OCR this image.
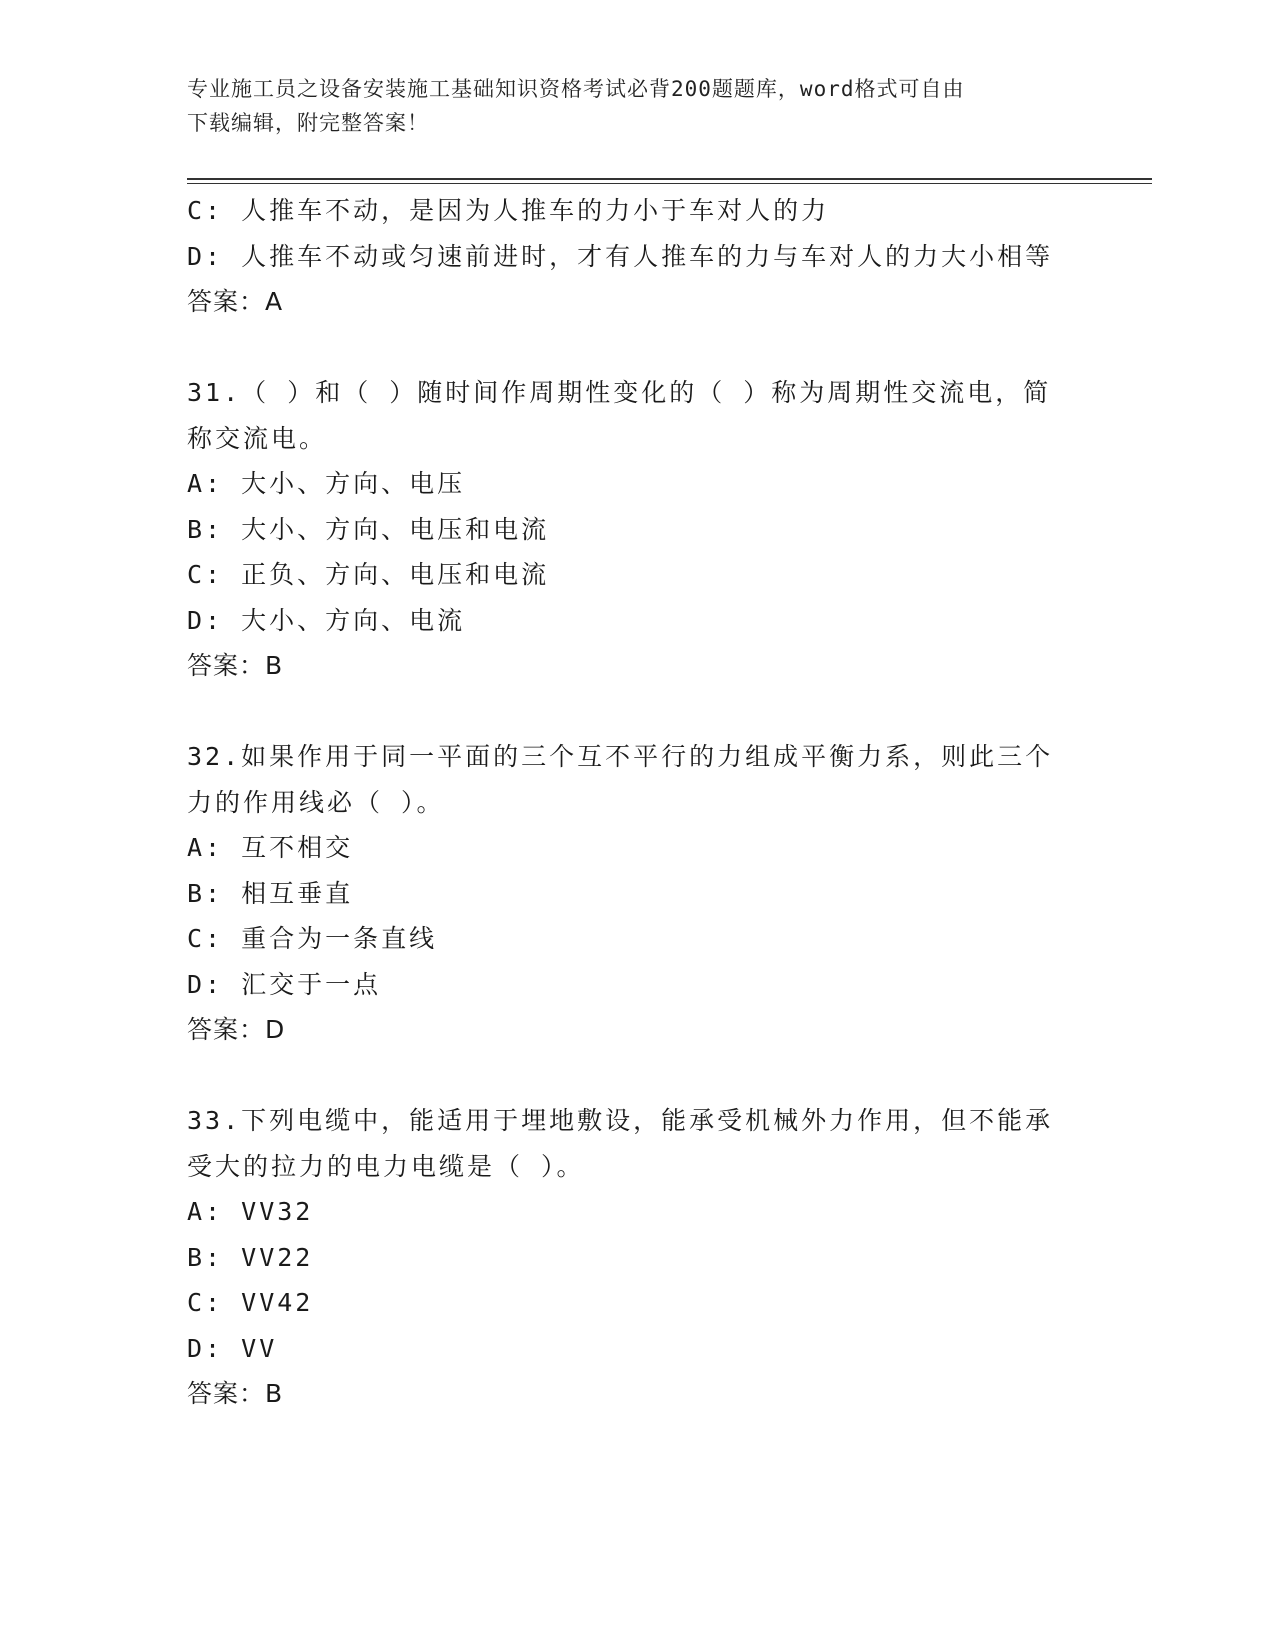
专业施工员之设备安装施工基础知识资格考试必背200题题库，word格式可自由
下载编辑，附完整答案！
C: 人推车不动，是因为人推车的力小于车对人的力
D: 人推车不动或匀速前进时，才有人推车的力与车对人的力大小相等
答案：A
31.（ ）和（ ）随时间作周期性变化的（ ）称为周期性交流电，简
称交流电。
A: 大小、方向、电压
B: 大小、方向、电压和电流
C: 正负、方向、电压和电流
D: 大小、方向、电流
答案：B
32.如果作用于同一平面的三个互不平行的力组成平衡力系，则此三个
力的作用线必（ ）。
A: 互不相交
B: 相互垂直
C: 重合为一条直线
D: 汇交于一点
答案：D
33.下列电缆中，能适用于埋地敷设，能承受机械外力作用，但不能承
受大的拉力的电力电缆是（ ）。
A: VV32
B: VV22
C: VV42
D: VV
答案：B
